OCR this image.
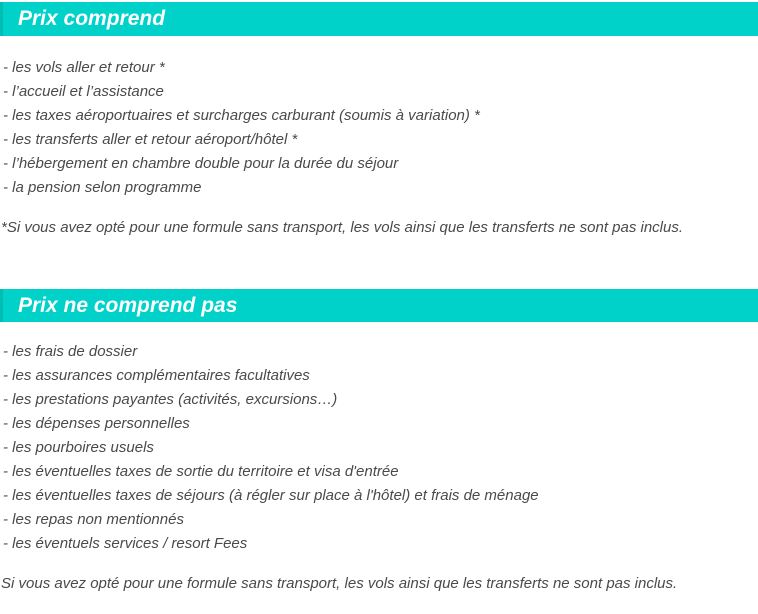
Prix comprend
- les vols aller et retour *
- l’accueil et l’assistance
- les taxes aéroportuaires et surcharges carburant (soumis à variation) *
- les transferts aller et retour aéroport/hôtel *
- l’hébergement en chambre double pour la durée du séjour
- la pension selon programme
*Si vous avez opté pour une formule sans transport, les vols ainsi que les transferts ne sont pas inclus.
Prix ne comprend pas
- les frais de dossier
- les assurances complémentaires facultatives
- les prestations payantes (activités, excursions…)
- les dépenses personnelles
- les pourboires usuels
- les éventuelles taxes de sortie du territoire et visa d'entrée
- les éventuelles taxes de séjours (à régler sur place à l'hôtel) et frais de ménage
- les repas non mentionnés
- les éventuels services / resort Fees
Si vous avez opté pour une formule sans transport, les vols ainsi que les transferts ne sont pas inclus.
